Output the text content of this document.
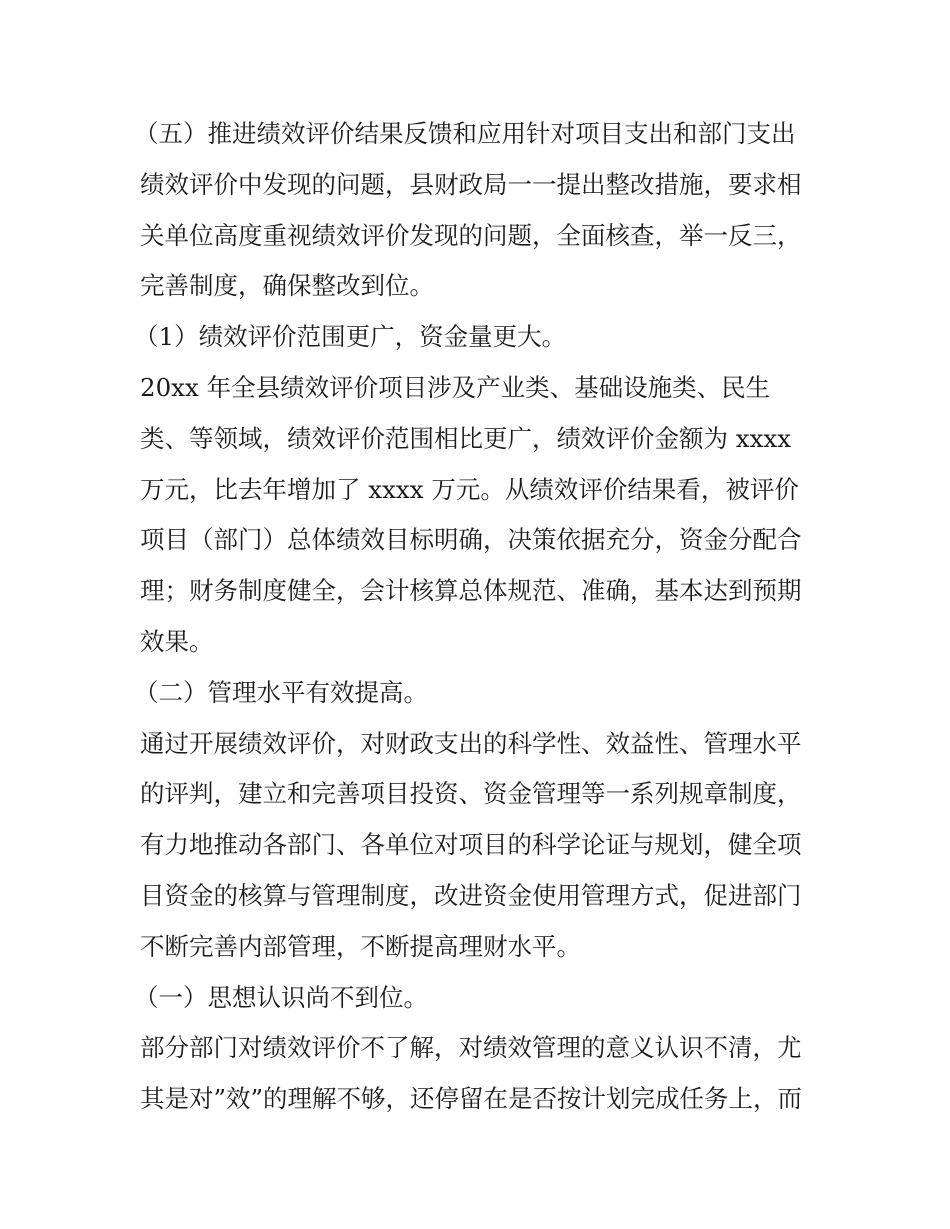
（五）推进绩效评价结果反馈和应用针对项目支出和部门支出
绩效评价中发现的问题，县财政局一一提出整改措施，要求相
关单位高度重视绩效评价发现的问题，全面核查，举一反三，
完善制度，确保整改到位。
（1）绩效评价范围更广，资金量更大。
20xx 年全县绩效评价项目涉及产业类、基础设施类、民生
类、等领域，绩效评价范围相比更广，绩效评价金额为 xxxx
万元，比去年增加了 xxxx 万元。从绩效评价结果看，被评价
项目（部门）总体绩效目标明确，决策依据充分，资金分配合
理；财务制度健全，会计核算总体规范、准确，基本达到预期
效果。
（二）管理水平有效提高。
通过开展绩效评价，对财政支出的科学性、效益性、管理水平
的评判，建立和完善项目投资、资金管理等一系列规章制度，
有力地推动各部门、各单位对项目的科学论证与规划，健全项
目资金的核算与管理制度，改进资金使用管理方式，促进部门
不断完善内部管理，不断提高理财水平。
（一）思想认识尚不到位。
部分部门对绩效评价不了解，对绩效管理的意义认识不清，尤
其是对”效”的理解不够，还停留在是否按计划完成任务上，而
